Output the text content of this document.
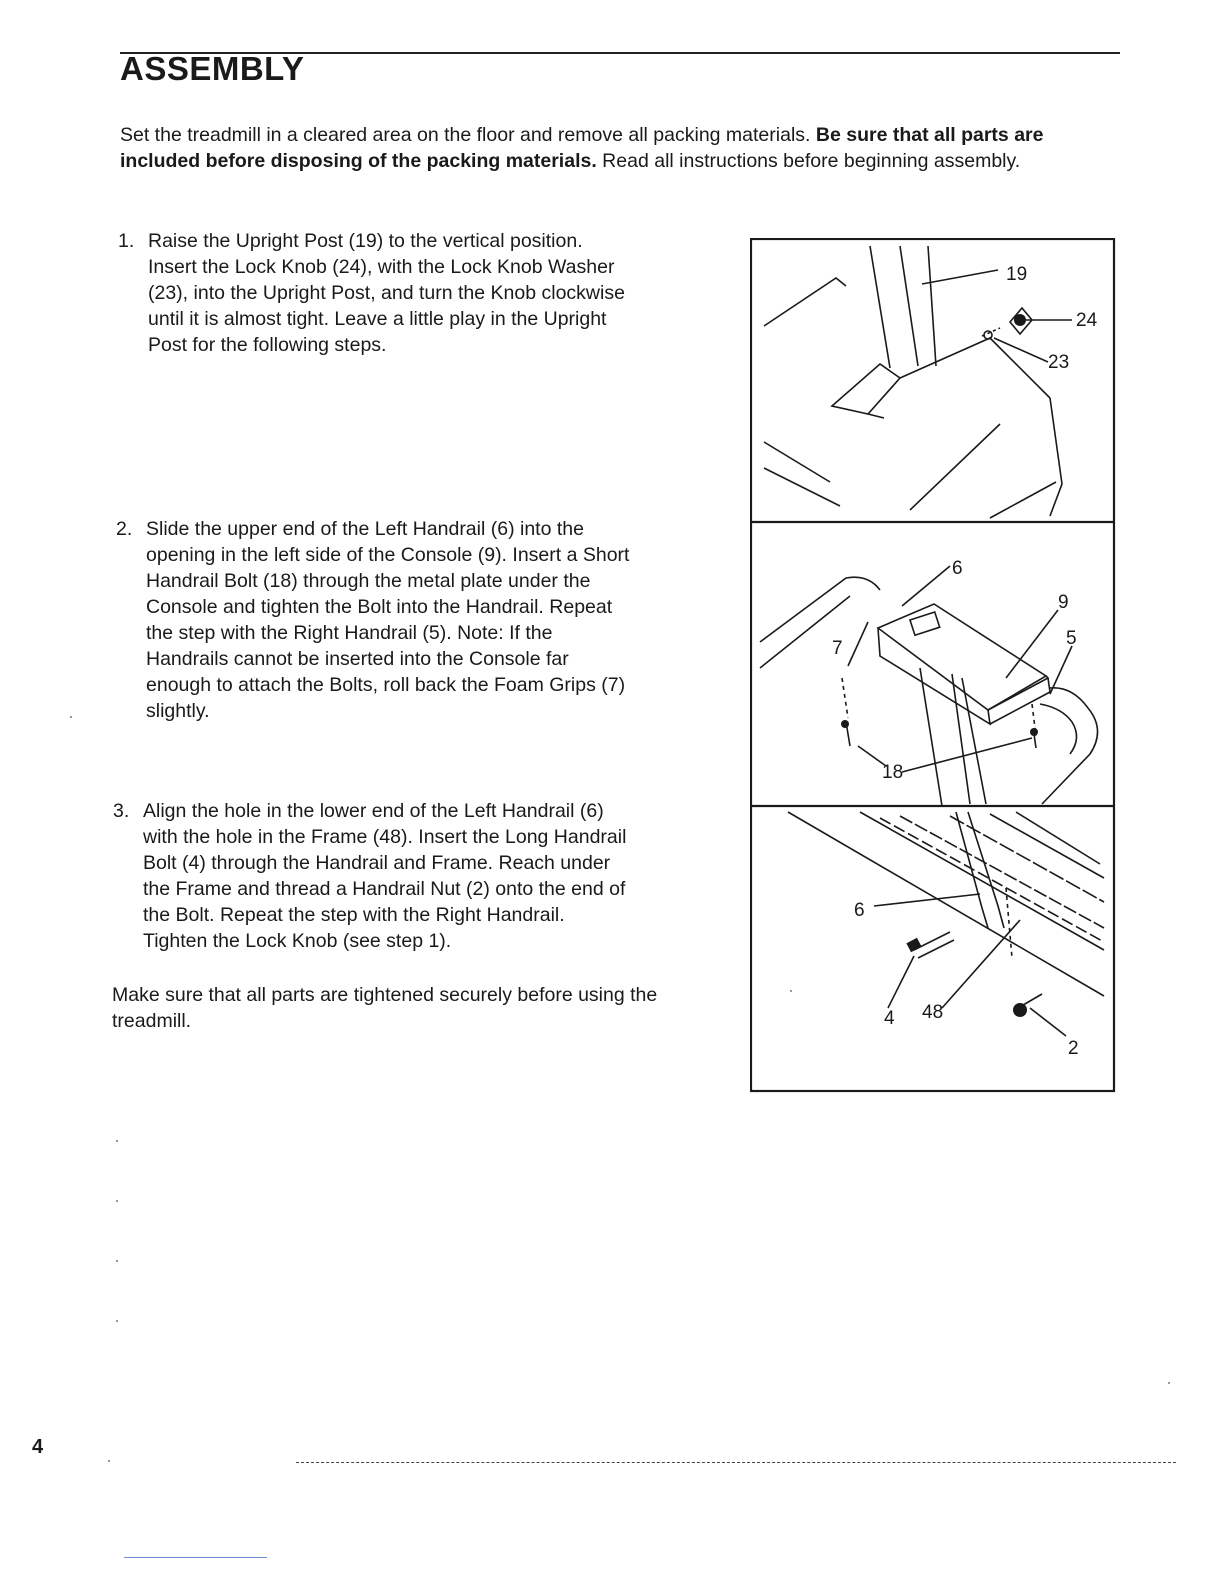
ASSEMBLY
Set the treadmill in a cleared area on the floor and remove all packing materials. Be sure that all parts are included before disposing of the packing materials. Read all instructions before beginning assembly.
1. Raise the Upright Post (19) to the vertical position.
Insert the Lock Knob (24), with the Lock Knob Washer
(23), into the Upright Post, and turn the Knob clockwise
until it is almost tight. Leave a little play in the Upright
Post for the following steps.
2. Slide the upper end of the Left Handrail (6) into the
opening in the left side of the Console (9). Insert a Short
Handrail Bolt (18) through the metal plate under the
Console and tighten the Bolt into the Handrail. Repeat
the step with the Right Handrail (5). Note: If the
Handrails cannot be inserted into the Console far
enough to attach the Bolts, roll back the Foam Grips (7)
slightly.
3. Align the hole in the lower end of the Left Handrail (6)
with the hole in the Frame (48). Insert the Long Handrail
Bolt (4) through the Handrail and Frame. Reach under
the Frame and thread a Handrail Nut (2) onto the end of
the Bolt. Repeat the step with the Right Handrail.
Tighten the Lock Knob (see step 1).
Make sure that all parts are tightened securely before using the treadmill.
19
24
23
6
9
5
7
18
6
4 48
2
4
